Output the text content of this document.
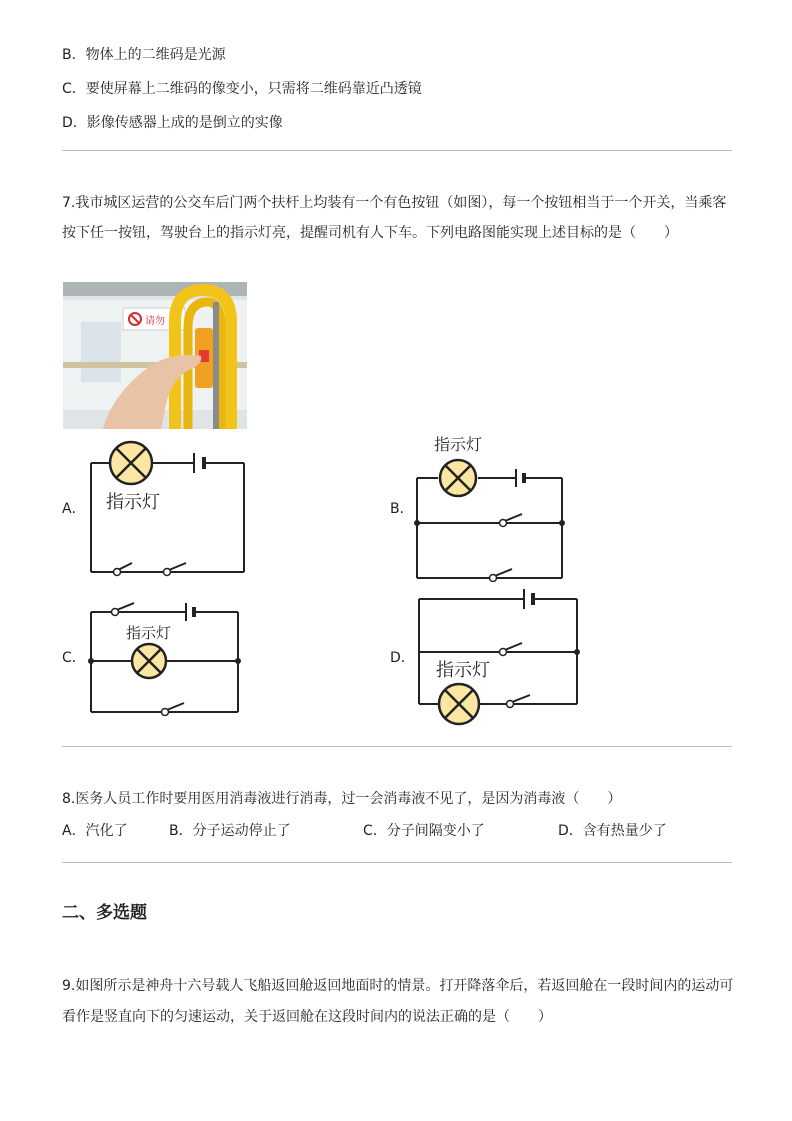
B．物体上的二维码是光源
C．要使屏幕上二维码的像变小，只需将二维码靠近凸透镜
D．影像传感器上成的是倒立的实像
7.我市城区运营的公交车后门两个扶杆上均装有一个有色按钮（如图），每一个按钮相当于一个开关，当乘客
按下任一按钮，驾驶台上的指示灯亮，提醒司机有人下车。下列电路图能实现上述目标的是（　　）
请勿
A． 指示灯	B．
指示灯
C．
指示灯
D．
指示灯
8.医务人员工作时要用医用消毒液进行消毒，过一会消毒液不见了，是因为消毒液（　　）
A．汽化了	B．分子运动停止了	C．分子间隔变小了	D．含有热量少了
二、多选题
9.如图所示是神舟十六号载人飞船返回舱返回地面时的情景。打开降落伞后，若返回舱在一段时间内的运动可
看作是竖直向下的匀速运动，关于返回舱在这段时间内的说法正确的是（　　）
